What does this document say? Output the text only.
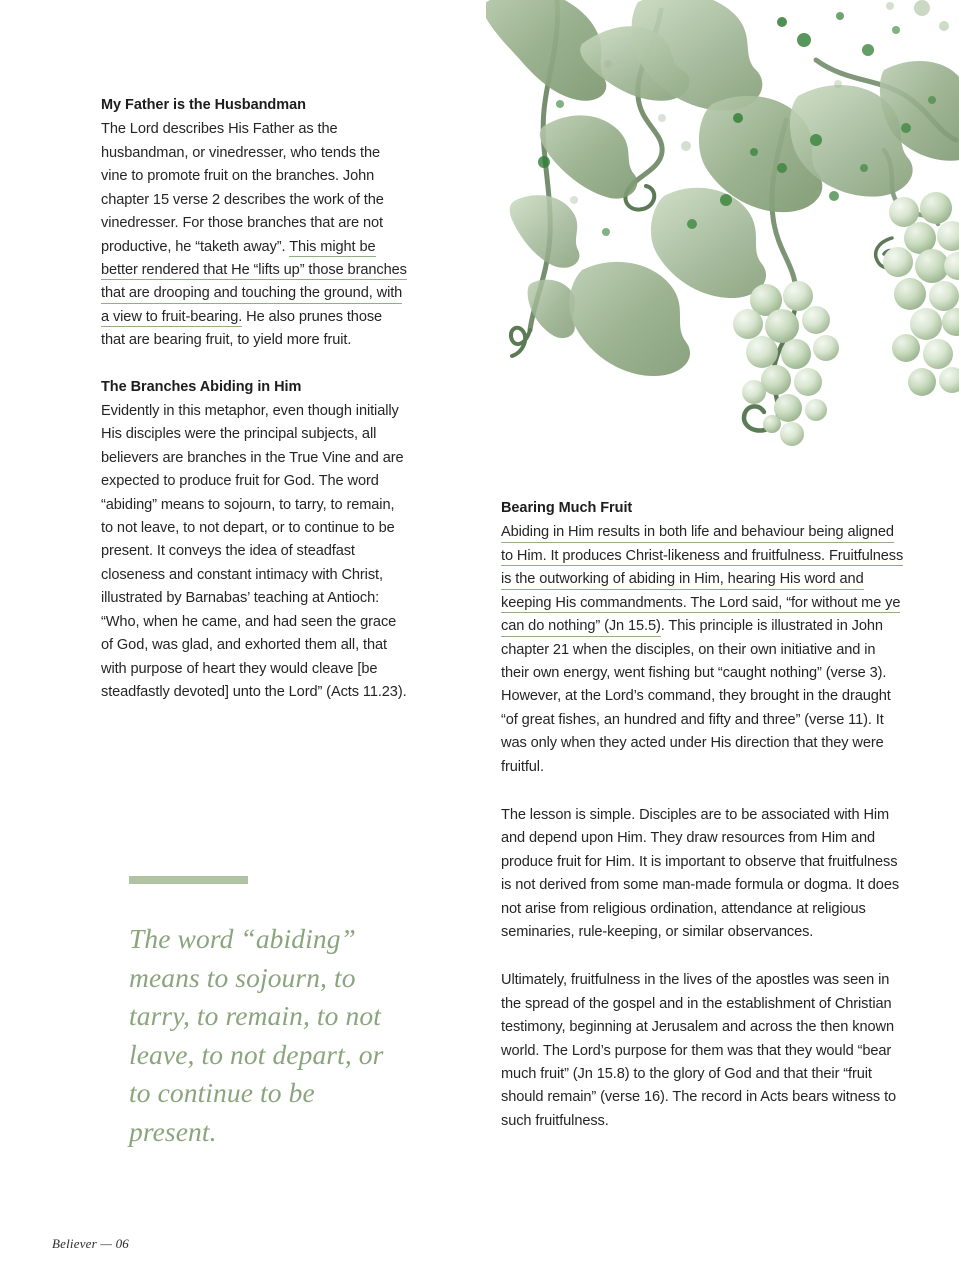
My Father is the Husbandman

The Lord describes His Father as the husbandman, or vinedresser, who tends the vine to promote fruit on the branches. John chapter 15 verse 2 describes the work of the vinedresser. For those branches that are not productive, he “taketh away”. This might be better rendered that He “lifts up” those branches that are drooping and touching the ground, with a view to fruit-bearing. He also prunes those that are bearing fruit, to yield more fruit.

The Branches Abiding in Him

Evidently in this metaphor, even though initially His disciples were the principal subjects, all believers are branches in the True Vine and are expected to produce fruit for God. The word “abiding” means to sojourn, to tarry, to remain, to not leave, to not depart, or to continue to be present. It conveys the idea of steadfast closeness and constant intimacy with Christ, illustrated by Barnabas’ teaching at Antioch: “Who, when he came, and had seen the grace of God, was glad, and exhorted them all, that with purpose of heart they would cleave [be steadfastly devoted] unto the Lord” (Acts 11.23).

The word “abiding” means to sojourn, to tarry, to remain, to not leave, to not depart, or to continue to be present.

Bearing Much Fruit

Abiding in Him results in both life and behaviour being aligned to Him. It produces Christ-likeness and fruitfulness. Fruitfulness is the outworking of abiding in Him, hearing His word and keeping His commandments. The Lord said, “for without me ye can do nothing” (Jn 15.5). This principle is illustrated in John chapter 21 when the disciples, on their own initiative and in their own energy, went fishing but “caught nothing” (verse 3). However, at the Lord’s command, they brought in the draught “of great fishes, an hundred and fifty and three” (verse 11). It was only when they acted under His direction that they were fruitful.

The lesson is simple. Disciples are to be associated with Him and depend upon Him. They draw resources from Him and produce fruit for Him. It is important to observe that fruitfulness is not derived from some man-made formula or dogma. It does not arise from religious ordination, attendance at religious seminaries, rule-keeping, or similar observances.

Ultimately, fruitfulness in the lives of the apostles was seen in the spread of the gospel and in the establishment of Christian testimony, beginning at Jerusalem and across the then known world. The Lord’s purpose for them was that they would “bear much fruit” (Jn 15.8) to the glory of God and that their “fruit should remain” (verse 16). The record in Acts bears witness to such fruitfulness.

Believer — 06
